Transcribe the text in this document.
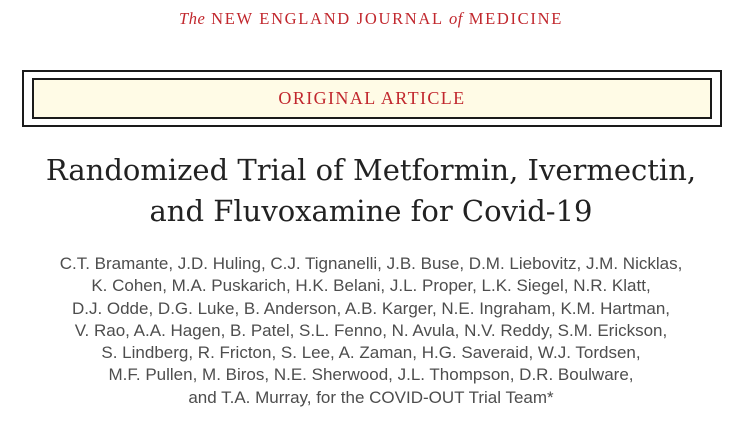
The NEW ENGLAND JOURNAL of MEDICINE
ORIGINAL ARTICLE
Randomized Trial of Metformin, Ivermectin,
and Fluvoxamine for Covid-19
C.T. Bramante, J.D. Huling, C.J. Tignanelli, J.B. Buse, D.M. Liebovitz, J.M. Nicklas,
K. Cohen, M.A. Puskarich, H.K. Belani, J.L. Proper, L.K. Siegel, N.R. Klatt,
D.J. Odde, D.G. Luke, B. Anderson, A.B. Karger, N.E. Ingraham, K.M. Hartman,
V. Rao, A.A. Hagen, B. Patel, S.L. Fenno, N. Avula, N.V. Reddy, S.M. Erickson,
S. Lindberg, R. Fricton, S. Lee, A. Zaman, H.G. Saveraid, W.J. Tordsen,
M.F. Pullen, M. Biros, N.E. Sherwood, J.L. Thompson, D.R. Boulware,
and T.A. Murray, for the COVID-OUT Trial Team*
